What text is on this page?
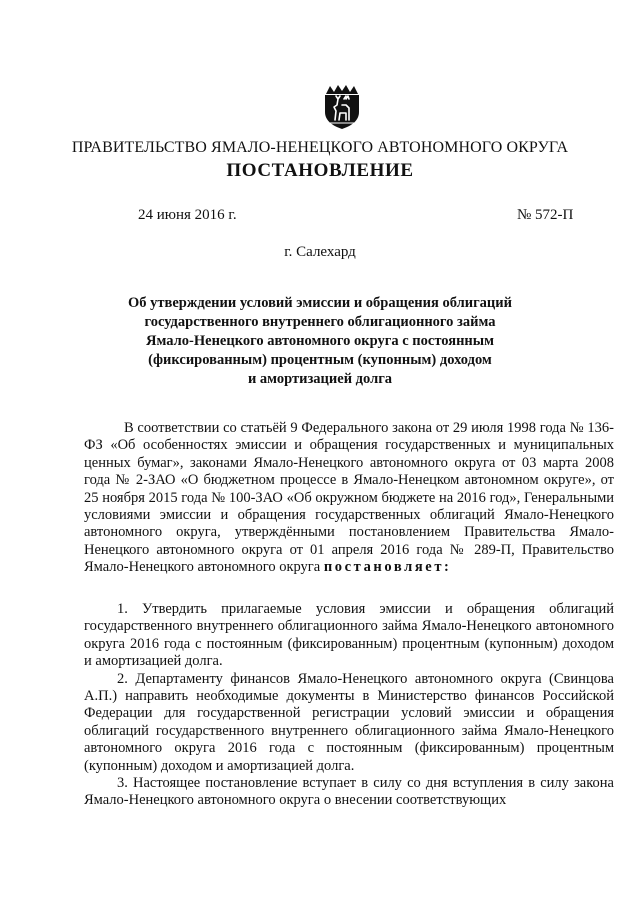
ПРАВИТЕЛЬСТВО ЯМАЛО-НЕНЕЦКОГО АВТОНОМНОГО ОКРУГА
ПОСТАНОВЛЕНИЕ
24 июня 2016 г.	№ 572-П
г. Салехард
Об утверждении условий эмиссии и обращения облигаций
государственного внутреннего облигационного займа
Ямало-Ненецкого автономного округа с постоянным
(фиксированным) процентным (купонным) доходом
и амортизацией долга

В соответствии со статьёй 9 Федерального закона от 29 июля 1998 года № 136-ФЗ «Об особенностях эмиссии и обращения государственных и муниципальных ценных бумаг», законами Ямало-Ненецкого автономного округа от 03 марта 2008 года № 2-ЗАО «О бюджетном процессе в Ямало-Ненецком автономном округе», от 25 ноября 2015 года № 100-ЗАО «Об окружном бюджете на 2016 год», Генеральными условиями эмиссии и обращения государственных облигаций Ямало-Ненецкого автономного округа, утверждёнными постановлением Правительства Ямало-Ненецкого автономного округа от 01 апреля 2016 года № 289-П, Правительство Ямало-Ненецкого автономного округа постановляет:

1. Утвердить прилагаемые условия эмиссии и обращения облигаций государственного внутреннего облигационного займа Ямало-Ненецкого автономного округа 2016 года с постоянным (фиксированным) процентным (купонным) доходом и амортизацией долга.

2. Департаменту финансов Ямало-Ненецкого автономного округа (Свинцова А.П.) направить необходимые документы в Министерство финансов Российской Федерации для государственной регистрации условий эмиссии и обращения облигаций государственного внутреннего облигационного займа Ямало-Ненецкого автономного округа 2016 года с постоянным (фиксированным) процентным (купонным) доходом и амортизацией долга.

3. Настоящее постановление вступает в силу со дня вступления в силу закона Ямало-Ненецкого автономного округа о внесении соответствующих
